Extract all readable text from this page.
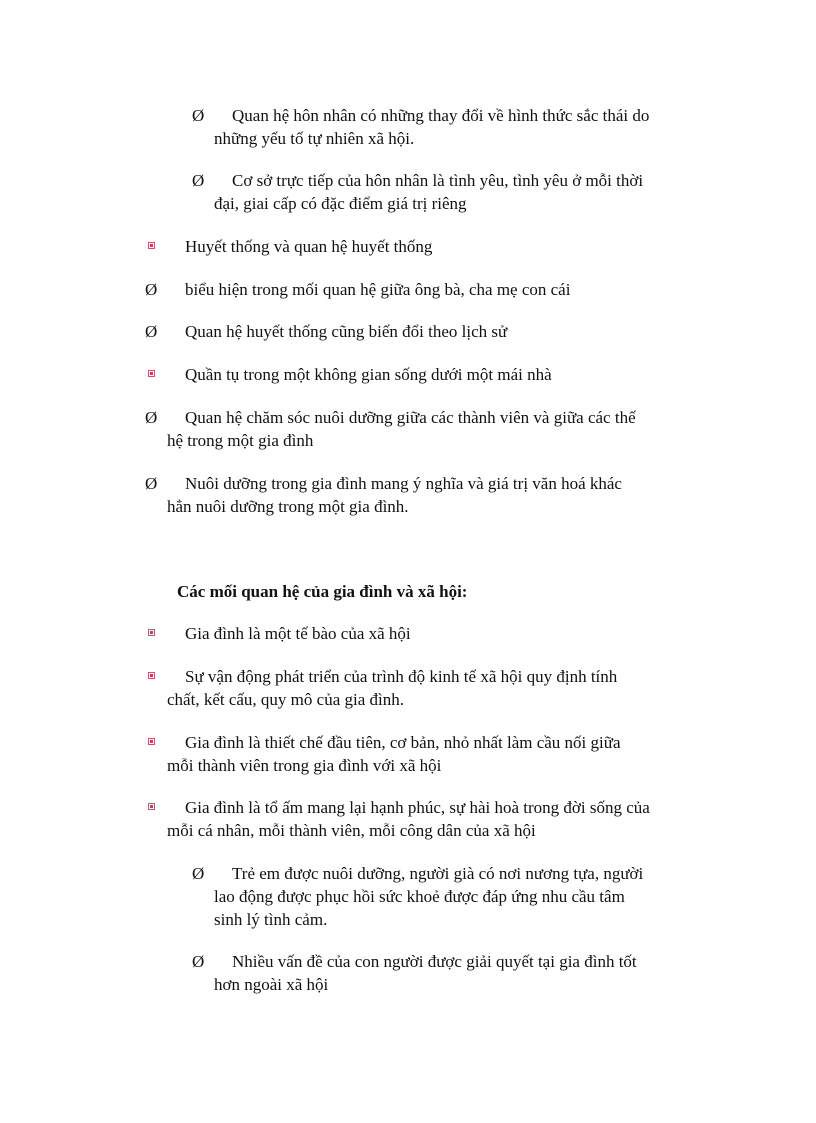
Ø Quan hệ hôn nhân có những thay đổi về hình thức sắc thái do
những yếu tố tự nhiên xã hội.
Ø Cơ sở trực tiếp của hôn nhân là tình yêu, tình yêu ở mỗi thời
đại, giai cấp có đặc điểm giá trị riêng
Huyết thống và quan hệ huyết thống
Ø biểu hiện trong mối quan hệ giữa ông bà, cha mẹ con cái
Ø Quan hệ huyết thống cũng biến đổi theo lịch sử
Quần tụ trong một không gian sống dưới một mái nhà
Ø Quan hệ chăm sóc nuôi dưỡng giữa các thành viên và giữa các thế
hệ trong một gia đình
Ø Nuôi dưỡng trong gia đình mang ý nghĩa và giá trị văn hoá khác
hẳn nuôi dưỡng trong một gia đình.
Các mối quan hệ của gia đình và xã hội:
Gia đình là một tế bào của xã hội
Sự vận động phát triển của trình độ kinh tế xã hội quy định tính
chất, kết cấu, quy mô của gia đình.
Gia đình là thiết chế đầu tiên, cơ bản, nhỏ nhất làm cầu nối giữa
mỗi thành viên trong gia đình với xã hội
Gia đình là tổ ấm mang lại hạnh phúc, sự hài hoà trong đời sống của
mỗi cá nhân, mỗi thành viên, mỗi công dân của xã hội
Ø Trẻ em được nuôi dưỡng, người già có nơi nương tựa, người
lao động được phục hồi sức khoẻ được đáp ứng nhu cầu tâm
sinh lý tình cảm.
Ø Nhiều vấn đề của con người được giải quyết tại gia đình tốt
hơn ngoài xã hội
